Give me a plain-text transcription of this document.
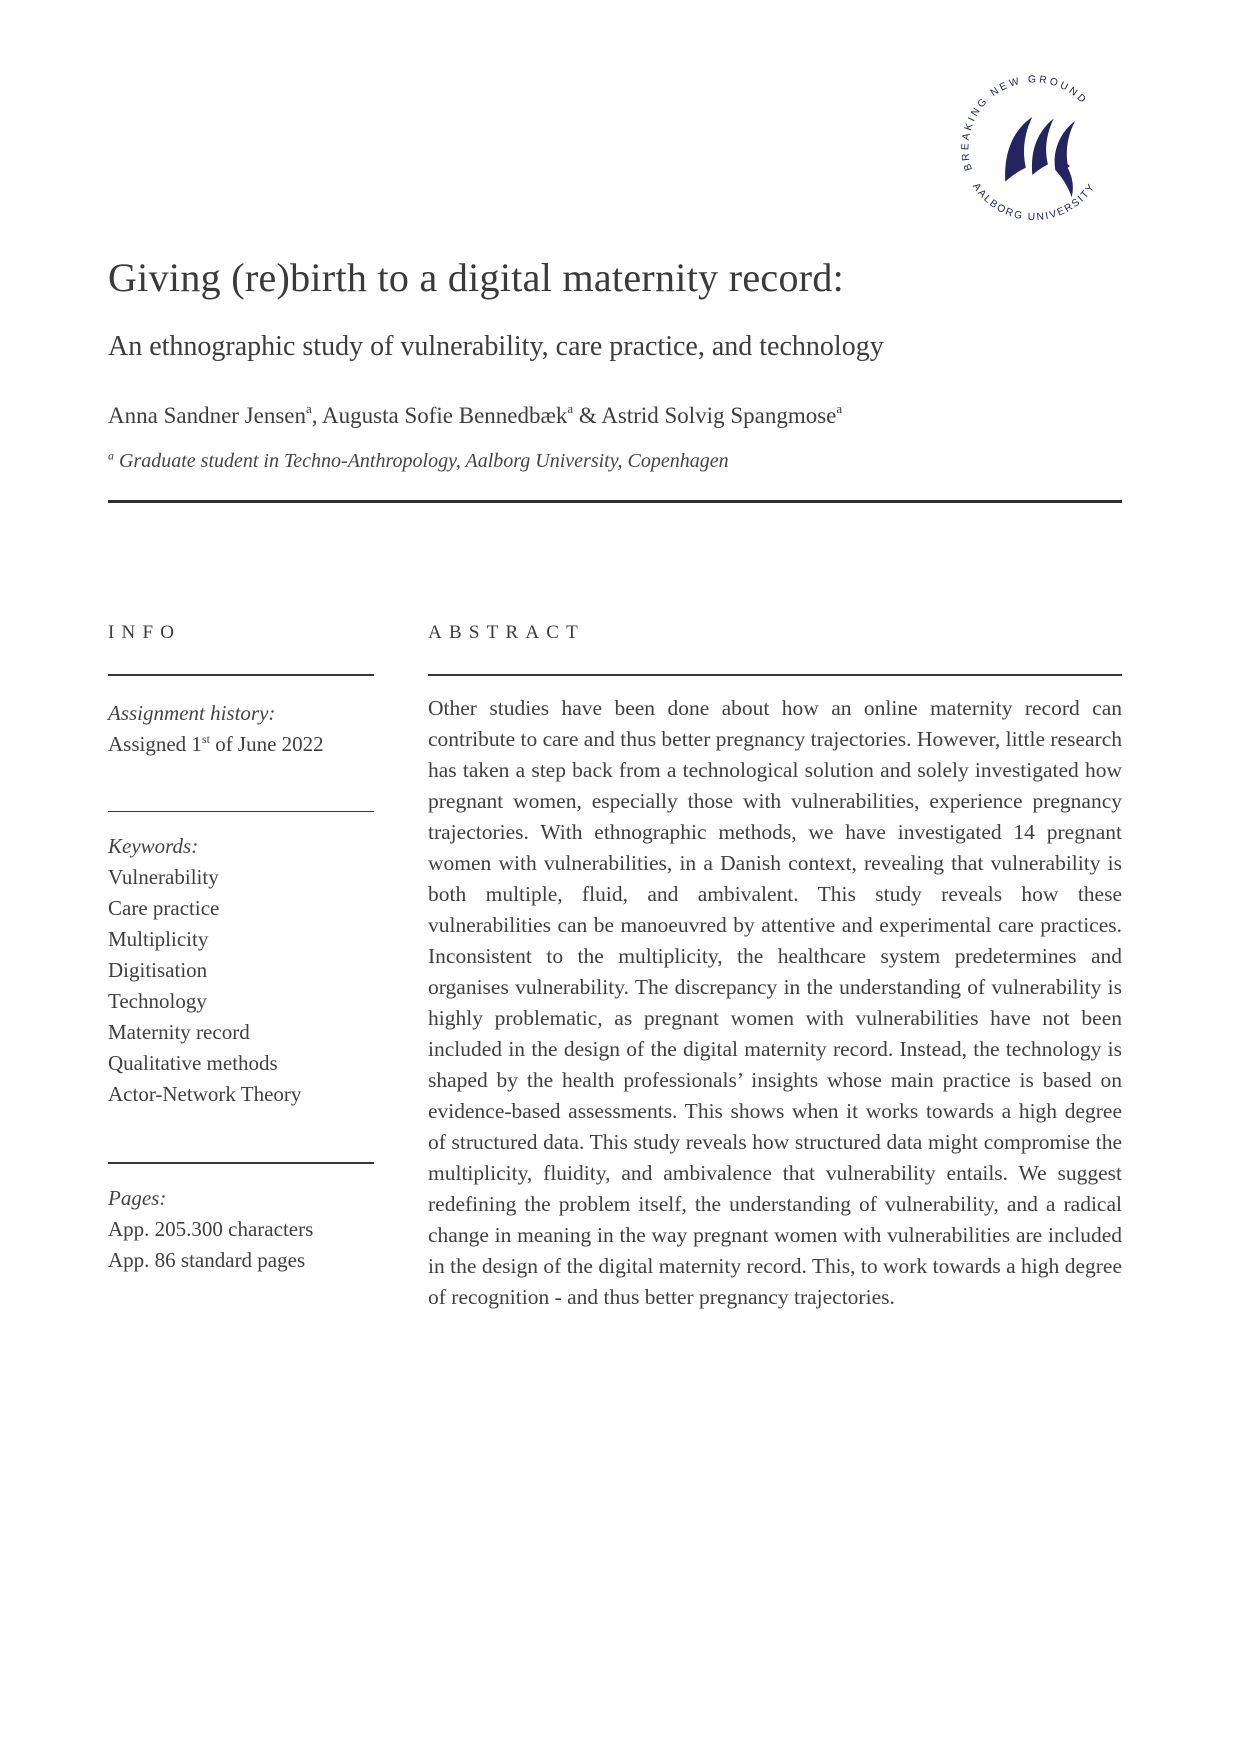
BREAKING NEW GROUND
AALBORG UNIVERSITY
Giving (re)birth to a digital maternity record:
An ethnographic study of vulnerability, care practice, and technology
Anna Sandner Jensen$^a$, Augusta Sofie Bennedbæk$^a$ & Astrid Solvig Spangmose$^a$
$^a$ Graduate student in Techno-Anthropology, Aalborg University, Copenhagen
INFO
Assignment history:
Assigned 1st of June 2022
Keywords:
Vulnerability
Care practice
Multiplicity
Digitisation
Technology
Maternity record
Qualitative methods
Actor-Network Theory
Pages:
App. 205.300 characters
App. 86 standard pages
ABSTRACT

Other studies have been done about how an online maternity record can contribute to care and thus better pregnancy trajectories. However, little research has taken a step back from a technological solution and solely investigated how pregnant women, especially those with vulnerabilities, experience pregnancy trajectories. With ethnographic methods, we have investigated 14 pregnant women with vulnerabilities, in a Danish context, revealing that vulnerability is both multiple, fluid, and ambivalent. This study reveals how these vulnerabilities can be manoeuvred by attentive and experimental care practices. Inconsistent to the multiplicity, the healthcare system predetermines and organises vulnerability. The discrepancy in the understanding of vulnerability is highly problematic, as pregnant women with vulnerabilities have not been included in the design of the digital maternity record. Instead, the technology is shaped by the health professionals’ insights whose main practice is based on evidence-based assessments. This shows when it works towards a high degree of structured data. This study reveals how structured data might compromise the multiplicity, fluidity, and ambivalence that vulnerability entails. We suggest redefining the problem itself, the understanding of vulnerability, and a radical change in meaning in the way pregnant women with vulnerabilities are included in the design of the digital maternity record. This, to work towards a high degree of recognition - and thus better pregnancy trajectories.
